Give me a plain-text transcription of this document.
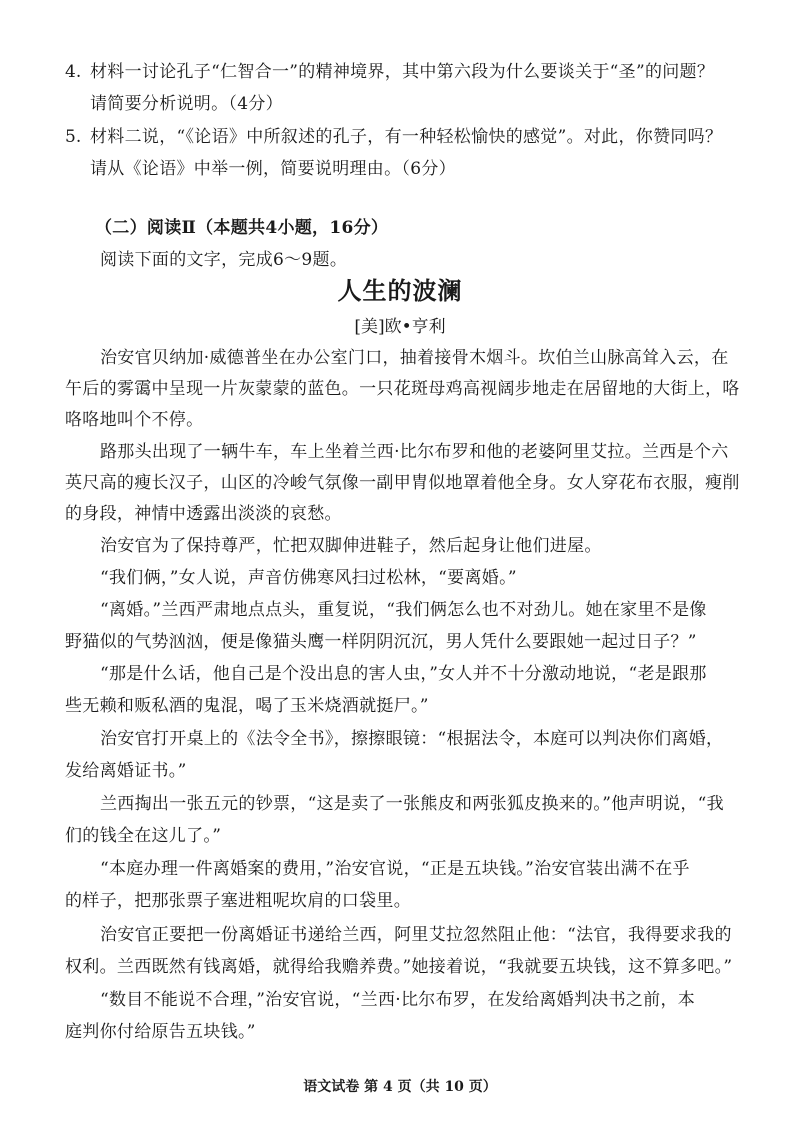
4. 材料一讨论孔子“仁智合一”的精神境界，其中第六段为什么要谈关于“圣”的问题？
请简要分析说明。（4分）
5. 材料二说，“《论语》中所叙述的孔子，有一种轻松愉快的感觉”。对此，你赞同吗？
请从《论语》中举一例，简要说明理由。（6分）
（二）阅读Ⅱ（本题共4小题，16分）
阅读下面的文字，完成6～9题。
人生的波澜
[美]欧•亨利
治安官贝纳加·威德普坐在办公室门口，抽着接骨木烟斗。坎伯兰山脉高耸入云，在
午后的雾霭中呈现一片灰蒙蒙的蓝色。一只花斑母鸡高视阔步地走在居留地的大街上，咯
咯咯地叫个不停。
路那头出现了一辆牛车，车上坐着兰西·比尔布罗和他的老婆阿里艾拉。兰西是个六
英尺高的瘦长汉子，山区的冷峻气氛像一副甲胄似地罩着他全身。女人穿花布衣服，瘦削
的身段，神情中透露出淡淡的哀愁。
治安官为了保持尊严，忙把双脚伸进鞋子，然后起身让他们进屋。
“我们俩，”女人说，声音仿佛寒风扫过松林，“要离婚。”
“离婚。”兰西严肃地点点头，重复说，“我们俩怎么也不对劲儿。她在家里不是像
野猫似的气势汹汹，便是像猫头鹰一样阴阴沉沉，男人凭什么要跟她一起过日子？”
“那是什么话，他自己是个没出息的害人虫，”女人并不十分激动地说，“老是跟那
些无赖和贩私酒的鬼混，喝了玉米烧酒就挺尸。”
治安官打开桌上的《法令全书》，擦擦眼镜：“根据法令，本庭可以判决你们离婚，
发给离婚证书。”
兰西掏出一张五元的钞票，“这是卖了一张熊皮和两张狐皮换来的。”他声明说，“我
们的钱全在这儿了。”
“本庭办理一件离婚案的费用，”治安官说，“正是五块钱。”治安官装出满不在乎
的样子，把那张票子塞进粗呢坎肩的口袋里。
治安官正要把一份离婚证书递给兰西，阿里艾拉忽然阻止他：“法官，我得要求我的
权利。兰西既然有钱离婚，就得给我赡养费。”她接着说，“我就要五块钱，这不算多吧。”
“数目不能说不合理，”治安官说，“兰西·比尔布罗，在发给离婚判决书之前，本
庭判你付给原告五块钱。”
语文试卷 第 4 页（共 10 页）
